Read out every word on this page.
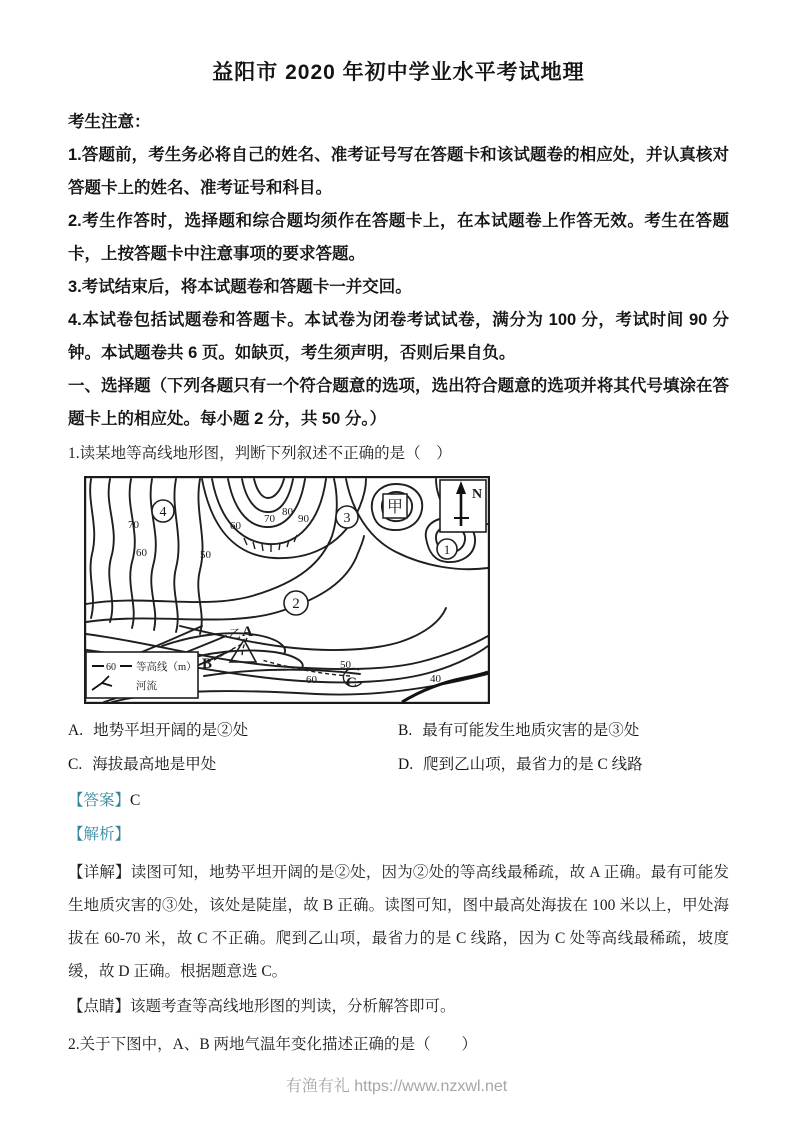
益阳市 2020 年初中学业水平考试地理

考生注意：

1.答题前，考生务必将自己的姓名、准考证号写在答题卡和该试题卷的相应处，并认真核对答题卡上的姓名、准考证号和科目。

2.考生作答时，选择题和综合题均须作在答题卡上，在本试题卷上作答无效。考生在答题卡，上按答题卡中注意事项的要求答题。

3.考试结束后，将本试题卷和答题卡一并交回。

4.本试卷包括试题卷和答题卡。本试卷为闭卷考试试卷，满分为 100 分，考试时间 90 分钟。本试题卷共 6 页。如缺页，考生须声明，否则后果自负。

一、选择题（下列各题只有一个符合题意的选项，选出符合题意的选项并将其代号填涂在答题卡上的相应处。每小题 2 分，共 50 分。）

1.读某地等高线地形图，判断下列叙述不正确的是（　）

4	3
2
1
甲
70
60	50
60
70
80
90
50
60	40
乙 A
B
C
N
60 等高线（m）
河流
A. 地势平坦开阔的是②处	B. 最有可能发生地质灾害的是③处
C. 海拔最高地是甲处	D. 爬到乙山项，最省力的是 C 线路
【答案】C
【解析】

【详解】读图可知，地势平坦开阔的是②处，因为②处的等高线最稀疏，故 A 正确。最有可能发生地质灾害的③处，该处是陡崖，故 B 正确。读图可知，图中最高处海拔在 100 米以上，甲处海拔在 60-70 米，故 C 不正确。爬到乙山项，最省力的是 C 线路，因为 C 处等高线最稀疏，坡度缓，故 D 正确。根据题意选 C。

【点睛】该题考查等高线地形图的判读，分析解答即可。

2.关于下图中，A、B 两地气温年变化描述正确的是（　　）

有渔有礼 https://www.nzxwl.net
